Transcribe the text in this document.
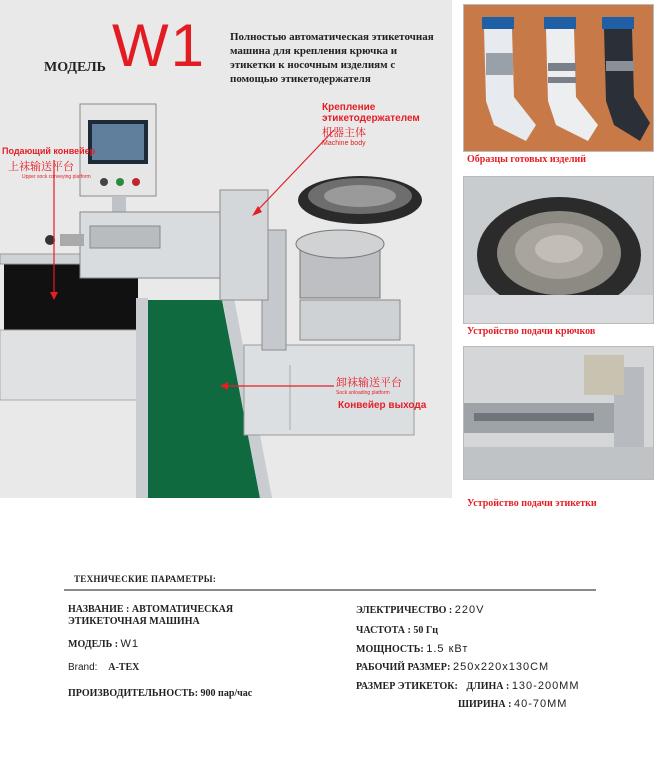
МОДЕЛЬ W1 Полностью автоматическая этикеточная машина для крепления крючка и этикетки к носочным изделиям с помощью этикетодержателя
Крепление этикетодержателем
机器主体
Machine body
Подающий конвейер
上袜输送平台
Upper sock conveying platform
卸袜输送平台
Sock unloading platform
Конвейер выхода
Образцы готовых изделий
Устройство подачи крючков
Устройство подачи этикетки
ТЕХНИЧЕСКИЕ ПАРАМЕТРЫ:
НАЗВАНИЕ : АВТОМАТИЧЕСКАЯ ЭТИКЕТОЧНАЯ МАШИНА
МОДЕЛЬ : W1
Brand: A-TEX
ПРОИЗВОДИТЕЛЬНОСТЬ: 900 пар/час
ЭЛЕКТРИЧЕСТВО : 220V
ЧАСТОТА : 50 Гц
МОЩНОСТЬ: 1.5 кВт
РАБОЧИЙ РАЗМЕР: 250x220x130CM
РАЗМЕР ЭТИКЕТОК: ДЛИНА : 130-200MM
ШИРИНА : 40-70MM
